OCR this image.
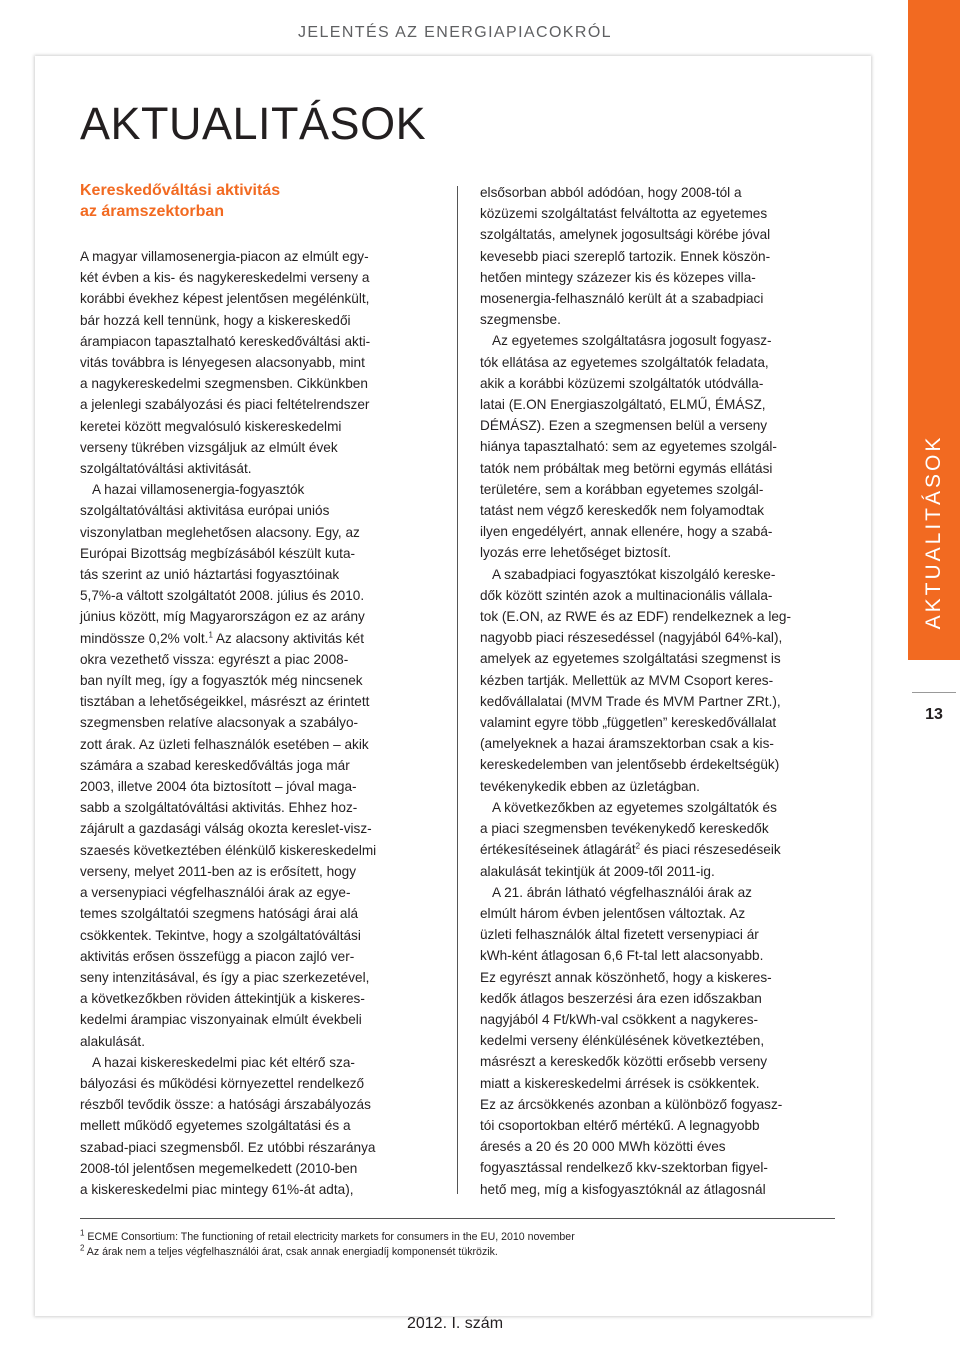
JELENTÉS AZ ENERGIAPIACOKRÓL
AKTUALITÁSOK
AKTUALITÁSOK
13
Kereskedőváltási aktivitás
az áramszektorban

A magyar villamosenergia-piacon az elmúlt egy-
két évben a kis- és nagykereskedelmi verseny a
korábbi évekhez képest jelentősen megélénkült,
bár hozzá kell tennünk, hogy a kiskereskedői
árampiacon tapasztalható kereskedőváltási akti-
vitás továbbra is lényegesen alacsonyabb, mint
a nagykereskedelmi szegmensben. Cikkünkben
a jelenlegi szabályozási és piaci feltételrendszer
keretei között megvalósuló kiskereskedelmi
verseny tükrében vizsgáljuk az elmúlt évek
szolgáltatóváltási aktivitását.

A hazai villamosenergia-fogyasztók
szolgáltatóváltási aktivitása európai uniós
viszonylatban meglehetősen alacsony. Egy, az
Európai Bizottság megbízásából készült kuta-
tás szerint az unió háztartási fogyasztóinak
5,7%-a váltott szolgáltatót 2008. július és 2010.
június között, míg Magyarországon ez az arány
mindössze 0,2% volt.$^1$ Az alacsony aktivitás két
okra vezethető vissza: egyrészt a piac 2008-
ban nyílt meg, így a fogyasztók még nincsenek
tisztában a lehetőségeikkel, másrészt az érintett
szegmensben relatíve alacsonyak a szabályo-
zott árak. Az üzleti felhasználók esetében – akik
számára a szabad kereskedőváltás joga már
2003, illetve 2004 óta biztosított – jóval maga-
sabb a szolgáltatóváltási aktivitás. Ehhez hoz-
zájárult a gazdasági válság okozta kereslet-visz-
szaesés következtében élénkülő kiskereskedelmi
verseny, melyet 2011-ben az is erősített, hogy
a versenypiaci végfelhasználói árak az egye-
temes szolgáltatói szegmens hatósági árai alá
csökkentek. Tekintve, hogy a szolgáltatóváltási
aktivitás erősen összefügg a piacon zajló ver-
seny intenzitásával, és így a piac szerkezetével,
a következőkben röviden áttekintjük a kiskeres-
kedelmi árampiac viszonyainak elmúlt évekbeli
alakulását.

A hazai kiskereskedelmi piac két eltérő sza-
bályozási és működési környezettel rendelkező
részből tevődik össze: a hatósági árszabályozás
mellett működő egyetemes szolgáltatási és a
szabad-piaci szegmensből. Ez utóbbi részaránya
2008-tól jelentősen megemelkedett (2010-ben
a kiskereskedelmi piac mintegy 61%-át adta),

elsősorban abból adódóan, hogy 2008-tól a
közüzemi szolgáltatást felváltotta az egyetemes
szolgáltatás, amelynek jogosultsági körébe jóval
kevesebb piaci szereplő tartozik. Ennek köszön-
hetően mintegy százezer kis és közepes villa-
mosenergia-felhasználó került át a szabadpiaci
szegmensbe.

Az egyetemes szolgáltatásra jogosult fogyasz-
tók ellátása az egyetemes szolgáltatók feladata,
akik a korábbi közüzemi szolgáltatók utódválla-
latai (E.ON Energiaszolgáltató, ELMŰ, ÉMÁSZ,
DÉMÁSZ). Ezen a szegmensen belül a verseny
hiánya tapasztalható: sem az egyetemes szolgál-
tatók nem próbáltak meg betörni egymás ellátási
területére, sem a korábban egyetemes szolgál-
tatást nem végző kereskedők nem folyamodtak
ilyen engedélyért, annak ellenére, hogy a szabá-
lyozás erre lehetőséget biztosít.

A szabadpiaci fogyasztókat kiszolgáló kereske-
dők között szintén azok a multinacionális vállala-
tok (E.ON, az RWE és az EDF) rendelkeznek a leg-
nagyobb piaci részesedéssel (nagyjából 64%-kal),
amelyek az egyetemes szolgáltatási szegmenst is
kézben tartják. Mellettük az MVM Csoport keres-
kedővállalatai (MVM Trade és MVM Partner ZRt.),
valamint egyre több „független” kereskedővállalat
(amelyeknek a hazai áramszektorban csak a kis-
kereskedelemben van jelentősebb érdekeltségük)
tevékenykedik ebben az üzletágban.

A következőkben az egyetemes szolgáltatók és
a piaci szegmensben tevékenykedő kereskedők
értékesítéseinek átlagárát$^2$ és piaci részesedéseik
alakulását tekintjük át 2009-től 2011-ig.

A 21. ábrán látható végfelhasználói árak az
elmúlt három évben jelentősen változtak. Az
üzleti felhasználók által fizetett versenypiaci ár
kWh-ként átlagosan 6,6 Ft-tal lett alacsonyabb.
Ez egyrészt annak köszönhető, hogy a kiskeres-
kedők átlagos beszerzési ára ezen időszakban
nagyjából 4 Ft/kWh-val csökkent a nagykeres-
kedelmi verseny élénkülésének következtében,
másrészt a kereskedők közötti erősebb verseny
miatt a kiskereskedelmi árrések is csökkentek.
Ez az árcsökkenés azonban a különböző fogyasz-
tói csoportokban eltérő mértékű. A legnagyobb
áresés a 20 és 20 000 MWh közötti éves
fogyasztással rendelkező kkv-szektorban figyel-
hető meg, míg a kisfogyasztóknál az átlagosnál

$^1$ ECME Consortium: The functioning of retail electricity markets for consumers in the EU, 2010 november
$^2$ Az árak nem a teljes végfelhasználói árat, csak annak energiadíj komponensét tükrözik.
2012. I. szám
